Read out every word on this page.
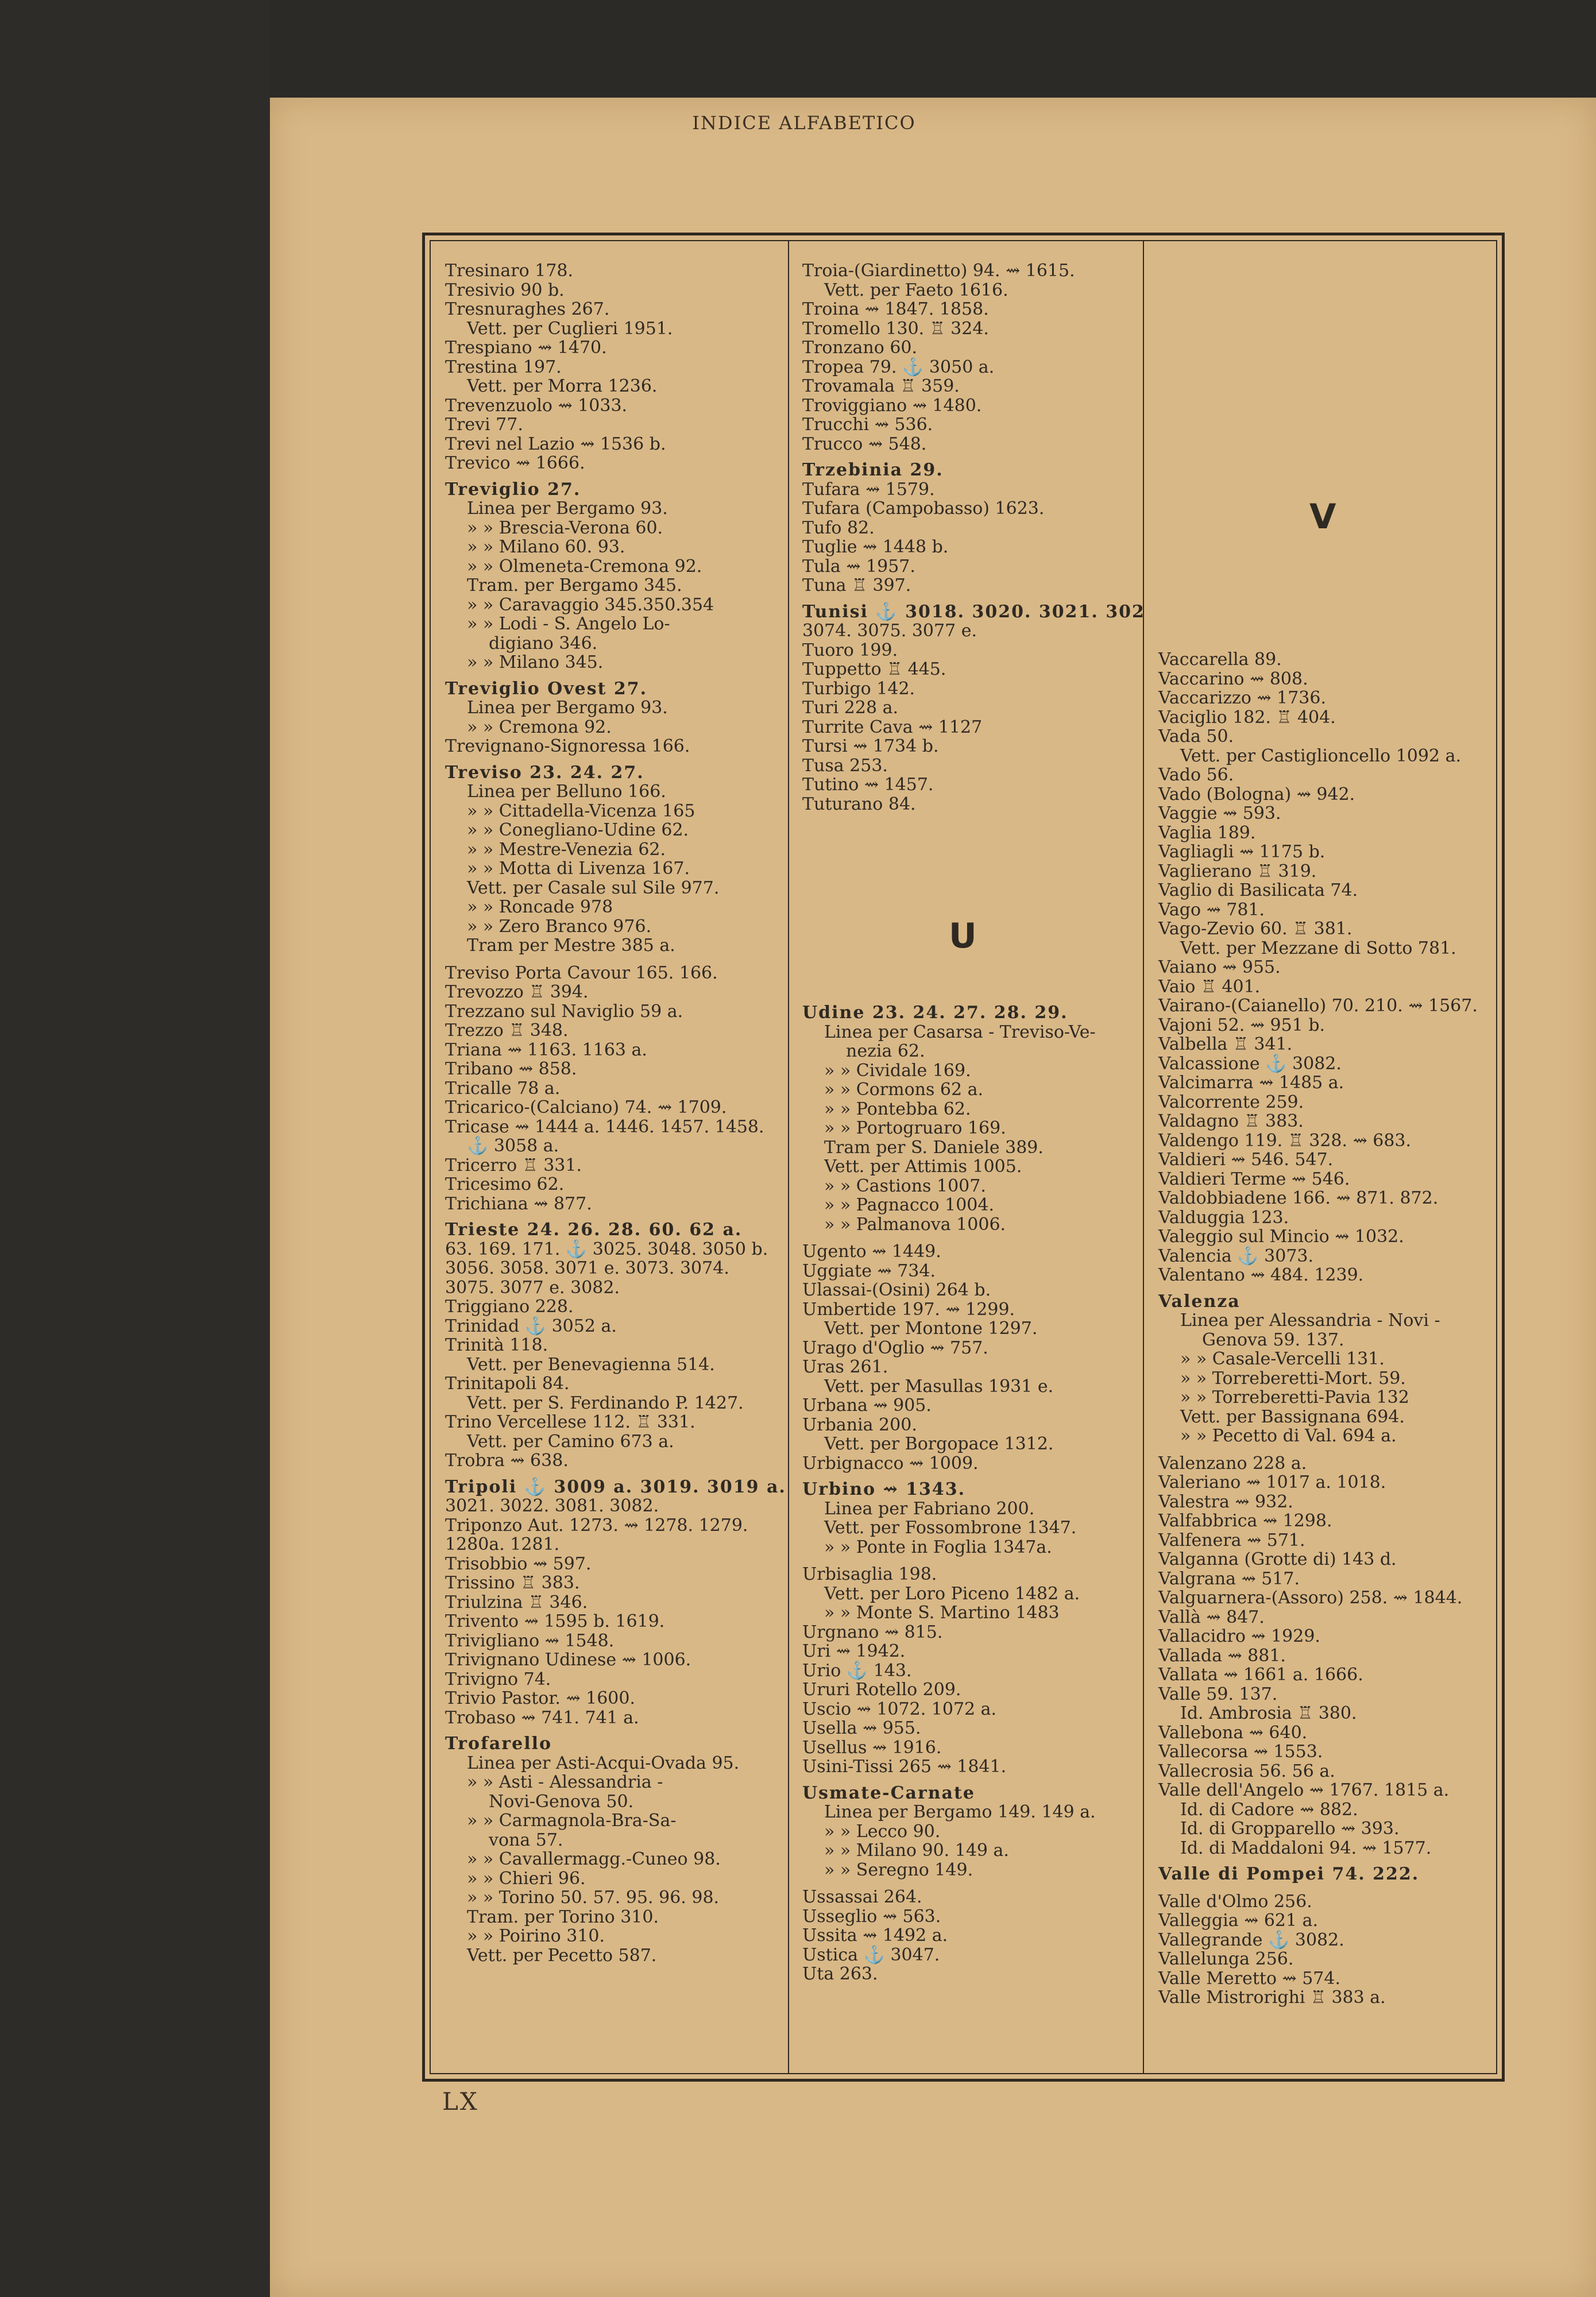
INDICE ALFABETICO
Tresinaro 178.
Tresivio 90 b.
Tresnuraghes 267.
Vett. per Cuglieri 1951.
Trespiano ⇝ 1470.
Trestina 197.
Vett. per Morra 1236.
Trevenzuolo ⇝ 1033.
Trevi 77.
Trevi nel Lazio ⇝ 1536 b.
Trevico ⇝ 1666.
Treviglio 27.
Linea per Bergamo 93.
» » Brescia-Verona 60.
» » Milano 60. 93.
» » Olmeneta-Cremona 92.
Tram. per Bergamo 345.
» » Caravaggio 345.350.354
» » Lodi - S. Angelo Lo-
digiano 346.
» » Milano 345.
Treviglio Ovest 27.
Linea per Bergamo 93.
» » Cremona 92.
Trevignano-Signoressa 166.
Treviso 23. 24. 27.
Linea per Belluno 166.
» » Cittadella-Vicenza 165
» » Conegliano-Udine 62.
» » Mestre-Venezia 62.
» » Motta di Livenza 167.
Vett. per Casale sul Sile 977.
» » Roncade 978
» » Zero Branco 976.
Tram per Mestre 385 a.
Treviso Porta Cavour 165. 166.
Trevozzo ♖ 394.
Trezzano sul Naviglio 59 a.
Trezzo ♖ 348.
Triana ⇝ 1163. 1163 a.
Tribano ⇝ 858.
Tricalle 78 a.
Tricarico-(Calciano) 74. ⇝ 1709.
Tricase ⇝ 1444 a. 1446. 1457. 1458.
⚓ 3058 a.
Tricerro ♖ 331.
Tricesimo 62.
Trichiana ⇝ 877.
Trieste 24. 26. 28. 60. 62 a.
63. 169. 171. ⚓ 3025. 3048. 3050 b.
3056. 3058. 3071 e. 3073. 3074.
3075. 3077 e. 3082.
Triggiano 228.
Trinidad ⚓ 3052 a.
Trinità 118.
Vett. per Benevagienna 514.
Trinitapoli 84.
Vett. per S. Ferdinando P. 1427.
Trino Vercellese 112. ♖ 331.
Vett. per Camino 673 a.
Trobra ⇝ 638.
Tripoli ⚓ 3009 a. 3019. 3019 a.
3021. 3022. 3081. 3082.
Triponzo Aut. 1273. ⇝ 1278. 1279.
1280a. 1281.
Trisobbio ⇝ 597.
Trissino ♖ 383.
Triulzina ♖ 346.
Trivento ⇝ 1595 b. 1619.
Trivigliano ⇝ 1548.
Trivignano Udinese ⇝ 1006.
Trivigno 74.
Trivio Pastor. ⇝ 1600.
Trobaso ⇝ 741. 741 a.
Trofarello
Linea per Asti-Acqui-Ovada 95.
» » Asti - Alessandria -
Novi-Genova 50.
» » Carmagnola-Bra-Sa-
vona 57.
» » Cavallermagg.-Cuneo 98.
» » Chieri 96.
» » Torino 50. 57. 95. 96. 98.
Tram. per Torino 310.
» » Poirino 310.
Vett. per Pecetto 587.
Troia-(Giardinetto) 94. ⇝ 1615.
Vett. per Faeto 1616.
Troina ⇝ 1847. 1858.
Tromello 130. ♖ 324.
Tronzano 60.
Tropea 79. ⚓ 3050 a.
Trovamala ♖ 359.
Troviggiano ⇝ 1480.
Trucchi ⇝ 536.
Trucco ⇝ 548.
Trzebinia 29.
Tufara ⇝ 1579.
Tufara (Campobasso) 1623.
Tufo 82.
Tuglie ⇝ 1448 b.
Tula ⇝ 1957.
Tuna ♖ 397.
Tunisi ⚓ 3018. 3020. 3021. 302
3074. 3075. 3077 e.
Tuoro 199.
Tuppetto ♖ 445.
Turbigo 142.
Turi 228 a.
Turrite Cava ⇝ 1127
Tursi ⇝ 1734 b.
Tusa 253.
Tutino ⇝ 1457.
Tuturano 84.
U
Udine 23. 24. 27. 28. 29.
Linea per Casarsa - Treviso-Ve-
nezia 62.
» » Cividale 169.
» » Cormons 62 a.
» » Pontebba 62.
» » Portogruaro 169.
Tram per S. Daniele 389.
Vett. per Attimis 1005.
» » Castions 1007.
» » Pagnacco 1004.
» » Palmanova 1006.
Ugento ⇝ 1449.
Uggiate ⇝ 734.
Ulassai-(Osini) 264 b.
Umbertide 197. ⇝ 1299.
Vett. per Montone 1297.
Urago d'Oglio ⇝ 757.
Uras 261.
Vett. per Masullas 1931 e.
Urbana ⇝ 905.
Urbania 200.
Vett. per Borgopace 1312.
Urbignacco ⇝ 1009.
Urbino ⇝ 1343.
Linea per Fabriano 200.
Vett. per Fossombrone 1347.
» » Ponte in Foglia 1347a.
Urbisaglia 198.
Vett. per Loro Piceno 1482 a.
» » Monte S. Martino 1483
Urgnano ⇝ 815.
Uri ⇝ 1942.
Urio ⚓ 143.
Ururi Rotello 209.
Uscio ⇝ 1072. 1072 a.
Usella ⇝ 955.
Usellus ⇝ 1916.
Usini-Tissi 265 ⇝ 1841.
Usmate-Carnate
Linea per Bergamo 149. 149 a.
» » Lecco 90.
» » Milano 90. 149 a.
» » Seregno 149.
Ussassai 264.
Usseglio ⇝ 563.
Ussita ⇝ 1492 a.
Ustica ⚓ 3047.
Uta 263.
V
Vaccarella 89.
Vaccarino ⇝ 808.
Vaccarizzo ⇝ 1736.
Vaciglio 182. ♖ 404.
Vada 50.
Vett. per Castiglioncello 1092 a.
Vado 56.
Vado (Bologna) ⇝ 942.
Vaggie ⇝ 593.
Vaglia 189.
Vagliagli ⇝ 1175 b.
Vaglierano ♖ 319.
Vaglio di Basilicata 74.
Vago ⇝ 781.
Vago-Zevio 60. ♖ 381.
Vett. per Mezzane di Sotto 781.
Vaiano ⇝ 955.
Vaio ♖ 401.
Vairano-(Caianello) 70. 210. ⇝ 1567.
Vajoni 52. ⇝ 951 b.
Valbella ♖ 341.
Valcassione ⚓ 3082.
Valcimarra ⇝ 1485 a.
Valcorrente 259.
Valdagno ♖ 383.
Valdengo 119. ♖ 328. ⇝ 683.
Valdieri ⇝ 546. 547.
Valdieri Terme ⇝ 546.
Valdobbiadene 166. ⇝ 871. 872.
Valduggia 123.
Valeggio sul Mincio ⇝ 1032.
Valencia ⚓ 3073.
Valentano ⇝ 484. 1239.
Valenza
Linea per Alessandria - Novi -
Genova 59. 137.
» » Casale-Vercelli 131.
» » Torreberetti-Mort. 59.
» » Torreberetti-Pavia 132
Vett. per Bassignana 694.
» » Pecetto di Val. 694 a.
Valenzano 228 a.
Valeriano ⇝ 1017 a. 1018.
Valestra ⇝ 932.
Valfabbrica ⇝ 1298.
Valfenera ⇝ 571.
Valganna (Grotte di) 143 d.
Valgrana ⇝ 517.
Valguarnera-(Assoro) 258. ⇝ 1844.
Vallà ⇝ 847.
Vallacidro ⇝ 1929.
Vallada ⇝ 881.
Vallata ⇝ 1661 a. 1666.
Valle 59. 137.
Id. Ambrosia ♖ 380.
Vallebona ⇝ 640.
Vallecorsa ⇝ 1553.
Vallecrosia 56. 56 a.
Valle dell'Angelo ⇝ 1767. 1815 a.
Id. di Cadore ⇝ 882.
Id. di Gropparello ⇝ 393.
Id. di Maddaloni 94. ⇝ 1577.
Valle di Pompei 74. 222.
Valle d'Olmo 256.
Valleggia ⇝ 621 a.
Vallegrande ⚓ 3082.
Vallelunga 256.
Valle Meretto ⇝ 574.
Valle Mistrorighi ♖ 383 a.
LX
